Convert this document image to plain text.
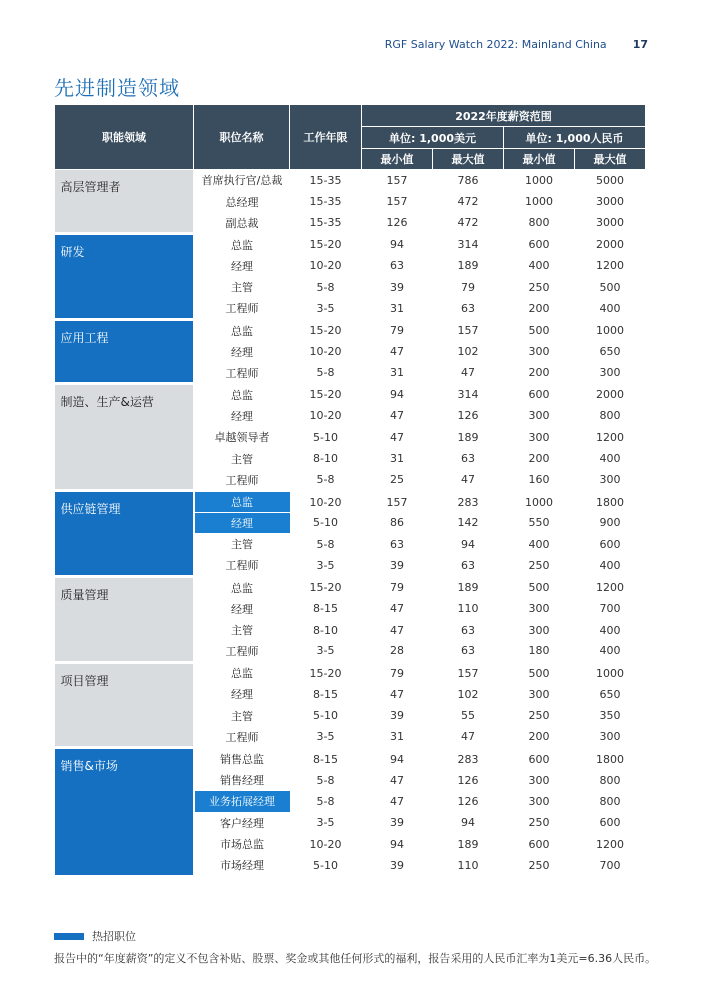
RGF Salary Watch 2022: Mainland China 17
先进制造领域
职能领域	职位名称	工作年限	2022年度薪资范围			
			单位: 1,000美元		单位: 1,000人民币	
			最小值	最大值	最小值	最大值
高层管理者	首席执行官/总裁	15-35	157	786	1000	5000
	总经理	15-35	157	472	1000	3000
	副总裁	15-35	126	472	800	3000
研发	总监	15-20	94	314	600	2000
	经理	10-20	63	189	400	1200
	主管	5-8	39	79	250	500
	工程师	3-5	31	63	200	400
应用工程	总监	15-20	79	157	500	1000
	经理	10-20	47	102	300	650
	工程师	5-8	31	47	200	300
制造、生产&运营	总监	15-20	94	314	600	2000
	经理	10-20	47	126	300	800
	卓越领导者	5-10	47	189	300	1200
	主管	8-10	31	63	200	400
	工程师	5-8	25	47	160	300
供应链管理	总监	10-20	157	283	1000	1800
	经理	5-10	86	142	550	900
	主管	5-8	63	94	400	600
	工程师	3-5	39	63	250	400
质量管理	总监	15-20	79	189	500	1200
	经理	8-15	47	110	300	700
	主管	8-10	47	63	300	400
	工程师	3-5	28	63	180	400
项目管理	总监	15-20	79	157	500	1000
	经理	8-15	47	102	300	650
	主管	5-10	39	55	250	350
	工程师	3-5	31	47	200	300
销售&市场	销售总监	8-15	94	283	600	1800
	销售经理	5-8	47	126	300	800
	业务拓展经理	5-8	47	126	300	800
	客户经理	3-5	39	94	250	600
	市场总监	10-20	94	189	600	1200
	市场经理	5-10	39	110	250	700
热招职位
报告中的“年度薪资”的定义不包含补贴、股票、奖金或其他任何形式的福利，报告采用的人民币汇率为1美元=6.36人民币。
